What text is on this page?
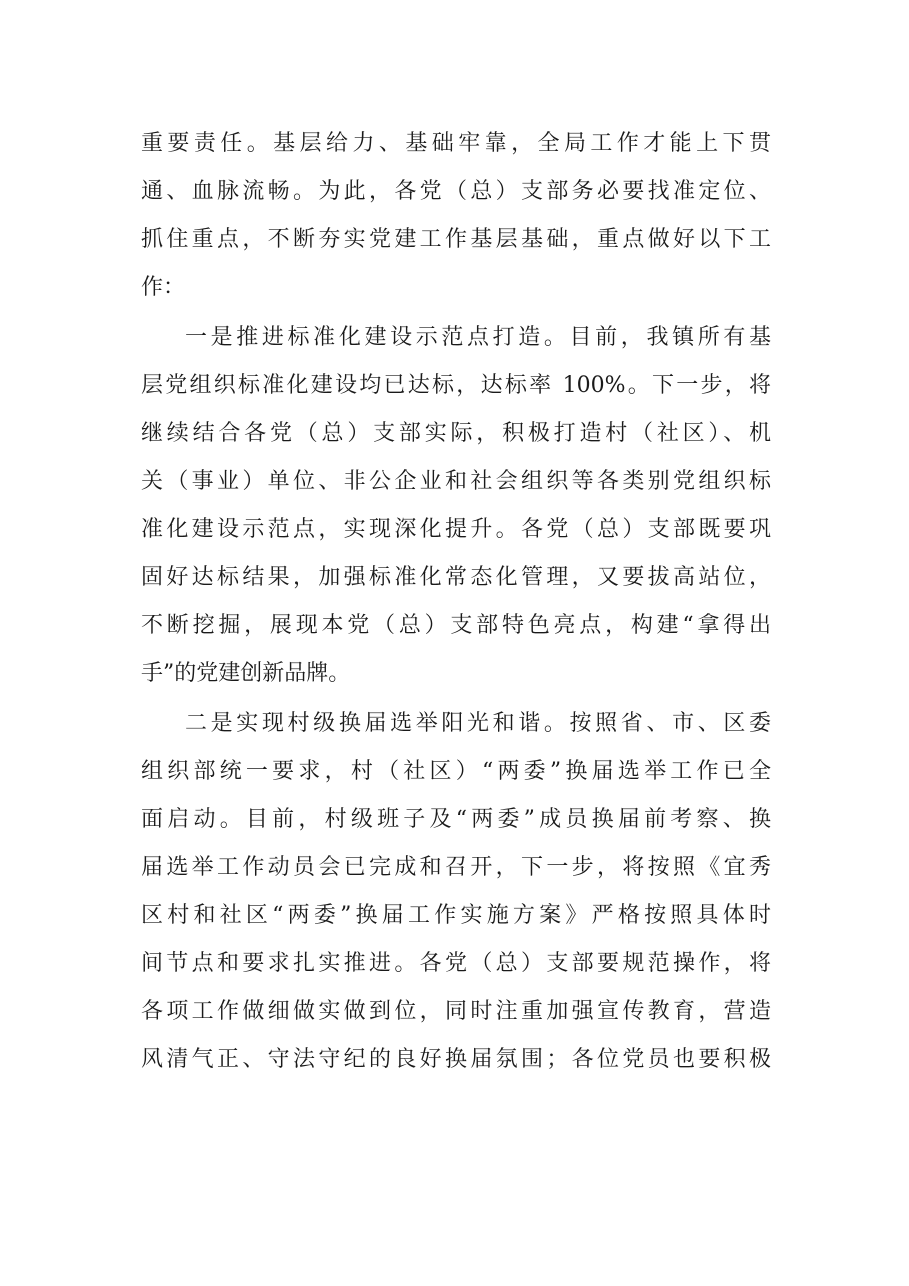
重要责任。基层给力、基础牢靠，全局工作才能上下贯
通、血脉流畅。为此，各党（总）支部务必要找准定位、
抓住重点，不断夯实党建工作基层基础，重点做好以下工
作：
一是推进标准化建设示范点打造。目前，我镇所有基
层党组织标准化建设均已达标，达标率 100%。下一步，将
继续结合各党（总）支部实际，积极打造村（社区）、机
关（事业）单位、非公企业和社会组织等各类别党组织标
准化建设示范点，实现深化提升。各党（总）支部既要巩
固好达标结果，加强标准化常态化管理，又要拔高站位，
不断挖掘，展现本党（总）支部特色亮点，构建“拿得出
手”的党建创新品牌。
二是实现村级换届选举阳光和谐。按照省、市、区委
组织部统一要求，村（社区）“两委”换届选举工作已全
面启动。目前，村级班子及“两委”成员换届前考察、换
届选举工作动员会已完成和召开，下一步，将按照《宜秀
区村和社区“两委”换届工作实施方案》严格按照具体时
间节点和要求扎实推进。各党（总）支部要规范操作，将
各项工作做细做实做到位，同时注重加强宣传教育，营造
风清气正、守法守纪的良好换届氛围；各位党员也要积极
